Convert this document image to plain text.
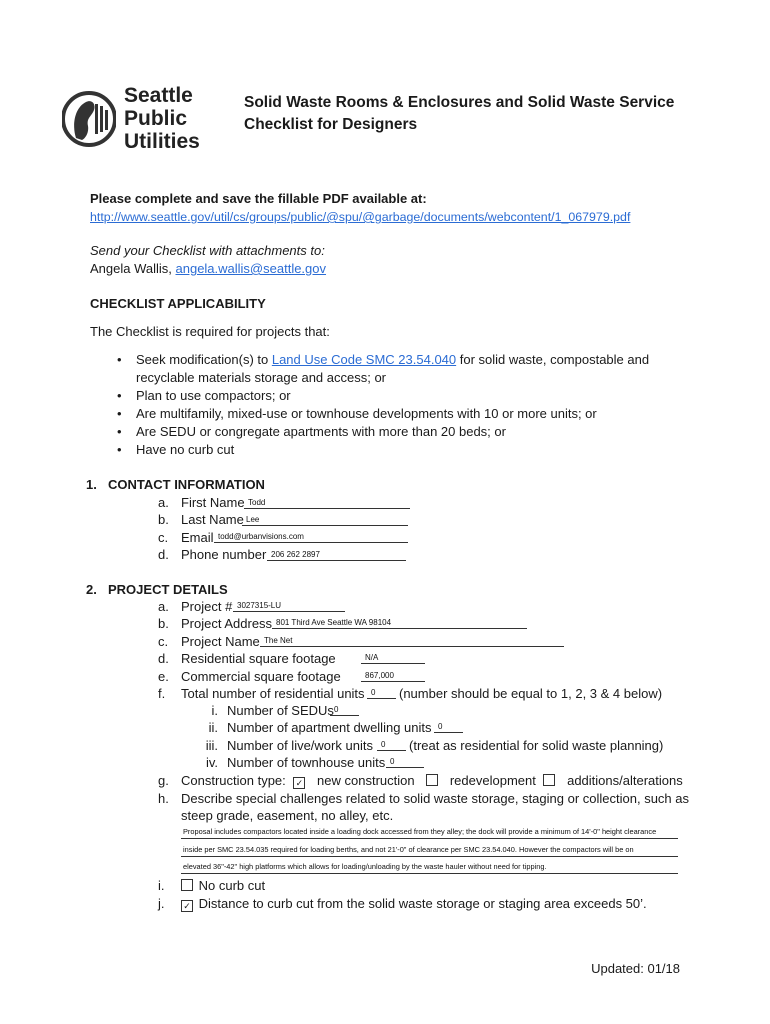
Seattle
Public
Utilities
Solid Waste Rooms & Enclosures and Solid Waste Service
Checklist for Designers
Please complete and save the fillable PDF available at:
http://www.seattle.gov/util/cs/groups/public/@spu/@garbage/documents/webcontent/1_067979.pdf
Send your Checklist with attachments to:
Angela Wallis, angela.wallis@seattle.gov
CHECKLIST APPLICABILITY
The Checklist is required for projects that:
• Seek modification(s) to Land Use Code SMC 23.54.040 for solid waste, compostable and
recyclable materials storage and access; or
• Plan to use compactors; or
• Are multifamily, mixed-use or townhouse developments with 10 or more units; or
• Are SEDU or congregate apartments with more than 20 beds; or
• Have no curb cut
1. CONTACT INFORMATION
a. First Name Todd
b. Last Name Lee
c. Email todd@urbanvisions.com
d. Phone number 206 262 2897
2. PROJECT DETAILS
a. Project # 3027315-LU
b. Project Address 801 Third Ave Seattle WA 98104
c. Project Name The Net
d. Residential square footage	N/A
e. Commercial square footage	867,000
f. Total number of residential units 0 (number should be equal to 1, 2, 3 & 4 below)
i. Number of SEDUs 0
ii. Number of apartment dwelling units 0
iii. Number of live/work units 0 (treat as residential for solid waste planning)
iv. Number of townhouse units 0
g. Construction type: ✓ new construction	redevelopment additions/alterations
h. Describe special challenges related to solid waste storage, staging or collection, such as
steep grade, easement, no alley, etc.
Proposal includes compactors located inside a loading dock accessed from they alley; the dock will provide a minimum of 14'-0" height clearance
inside per SMC 23.54.035 required for loading berths, and not 21'-0" of clearance per SMC 23.54.040. However the compactors will be on
elevated 36"-42" high platforms which allows for loading/unloading by the waste hauler without need for tipping.
i.	No curb cut
j. ✓ Distance to curb cut from the solid waste storage or staging area exceeds 50’.
Updated: 01/18
